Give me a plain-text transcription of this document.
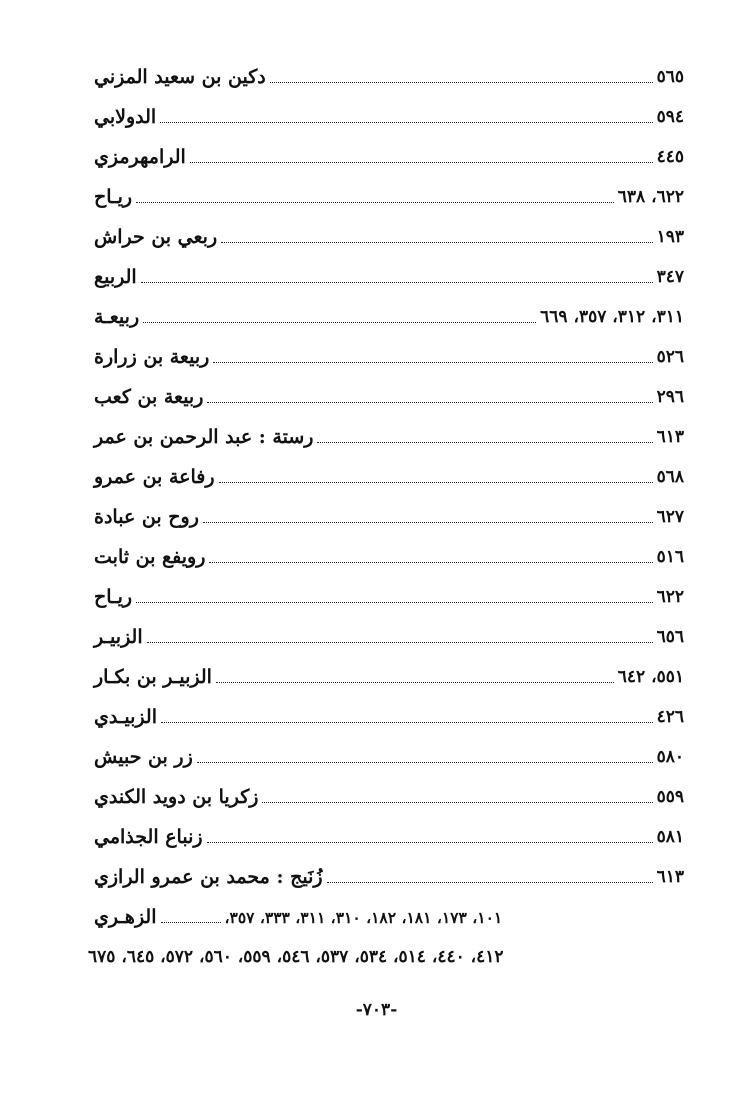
دكين بن سعيد المزني	٥٦٥
الدولابي	٥٩٤
الرامهرمزي	٤٤٥
ريـاح	٦٢٢، ٦٣٨
ربعي بن حراش	١٩٣
الربيع	٣٤٧
ربيعـة	٣١١، ٣١٢، ٣٥٧، ٦٦٩
ربيعة بن زرارة	٥٢٦
ربيعة بن كعب	٢٩٦
رستة : عبد الرحمن بن عمر	٦١٣
رفاعة بن عمرو	٥٦٨
روح بن عبادة	٦٢٧
رويفع بن ثابت	٥١٦
ريـاح	٦٢٢
الزبيـر	٦٥٦
الزبيـر بن بكـار	٥٥١، ٦٤٢
الزبيـدي	٤٢٦
زر بن حبيش	٥٨٠
زكريا بن دويد الكندي	٥٥٩
زنباع الجذامي	٥٨١
زُنَيج : محمد بن عمرو الرازي	٦١٣
الزهـري	١٠١، ١٧٣، ١٨١، ١٨٢، ٣١٠، ٣١١، ٣٣٣، ٣٥٧،
٤١٢، ٤٤٠، ٥١٤، ٥٣٤، ٥٣٧، ٥٤٦، ٥٥٩، ٥٦٠، ٥٧٢، ٦٤٥، ٦٧٥
-٧٠٣-
